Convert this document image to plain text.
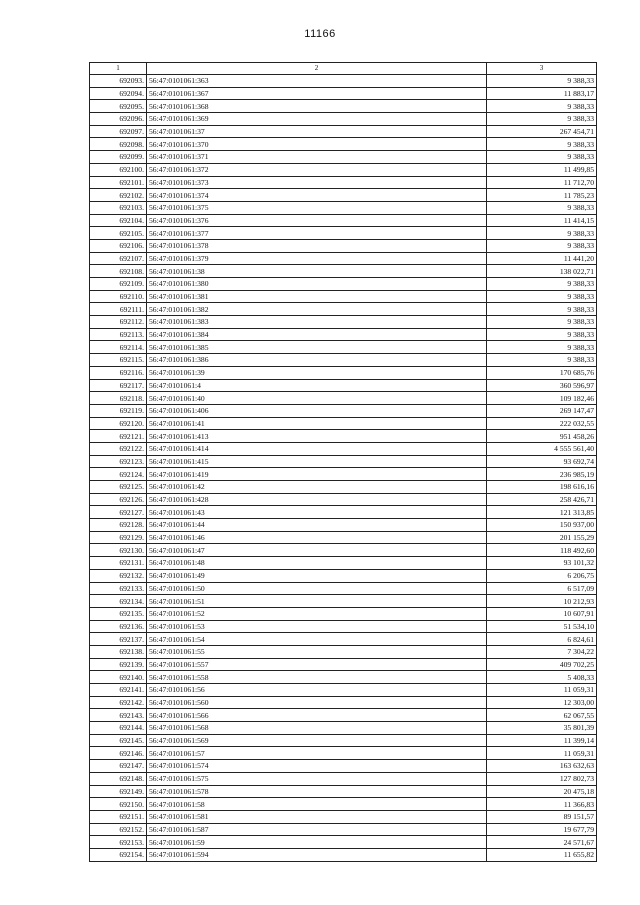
11166
1	2	3
692093.	56:47:0101061:363	9 388,33
692094.	56:47:0101061:367	11 883,17
692095.	56:47:0101061:368	9 388,33
692096.	56:47:0101061:369	9 388,33
692097.	56:47:0101061:37	267 454,71
692098.	56:47:0101061:370	9 388,33
692099.	56:47:0101061:371	9 388,33
692100.	56:47:0101061:372	11 499,85
692101.	56:47:0101061:373	11 712,70
692102.	56:47:0101061:374	11 785,23
692103.	56:47:0101061:375	9 388,33
692104.	56:47:0101061:376	11 414,15
692105.	56:47:0101061:377	9 388,33
692106.	56:47:0101061:378	9 388,33
692107.	56:47:0101061:379	11 441,20
692108.	56:47:0101061:38	138 022,71
692109.	56:47:0101061:380	9 388,33
692110.	56:47:0101061:381	9 388,33
692111.	56:47:0101061:382	9 388,33
692112.	56:47:0101061:383	9 388,33
692113.	56:47:0101061:384	9 388,33
692114.	56:47:0101061:385	9 388,33
692115.	56:47:0101061:386	9 388,33
692116.	56:47:0101061:39	170 685,76
692117.	56:47:0101061:4	360 596,97
692118.	56:47:0101061:40	109 182,46
692119.	56:47:0101061:406	269 147,47
692120.	56:47:0101061:41	222 032,55
692121.	56:47:0101061:413	951 458,26
692122.	56:47:0101061:414	4 555 561,40
692123.	56:47:0101061:415	93 692,74
692124.	56:47:0101061:419	236 985,19
692125.	56:47:0101061:42	198 616,16
692126.	56:47:0101061:428	258 426,71
692127.	56:47:0101061:43	121 313,85
692128.	56:47:0101061:44	150 937,00
692129.	56:47:0101061:46	201 155,29
692130.	56:47:0101061:47	118 492,60
692131.	56:47:0101061:48	93 101,32
692132.	56:47:0101061:49	6 206,75
692133.	56:47:0101061:50	6 517,09
692134.	56:47:0101061:51	10 212,93
692135.	56:47:0101061:52	10 607,91
692136.	56:47:0101061:53	51 534,10
692137.	56:47:0101061:54	6 824,61
692138.	56:47:0101061:55	7 304,22
692139.	56:47:0101061:557	409 702,25
692140.	56:47:0101061:558	5 408,33
692141.	56:47:0101061:56	11 059,31
692142.	56:47:0101061:560	12 303,00
692143.	56:47:0101061:566	62 067,55
692144.	56:47:0101061:568	35 801,39
692145.	56:47:0101061:569	11 399,14
692146.	56:47:0101061:57	11 059,31
692147.	56:47:0101061:574	163 632,63
692148.	56:47:0101061:575	127 802,73
692149.	56:47:0101061:578	20 475,18
692150.	56:47:0101061:58	11 366,83
692151.	56:47:0101061:581	89 151,57
692152.	56:47:0101061:587	19 677,79
692153.	56:47:0101061:59	24 571,67
692154.	56:47:0101061:594	11 655,82
